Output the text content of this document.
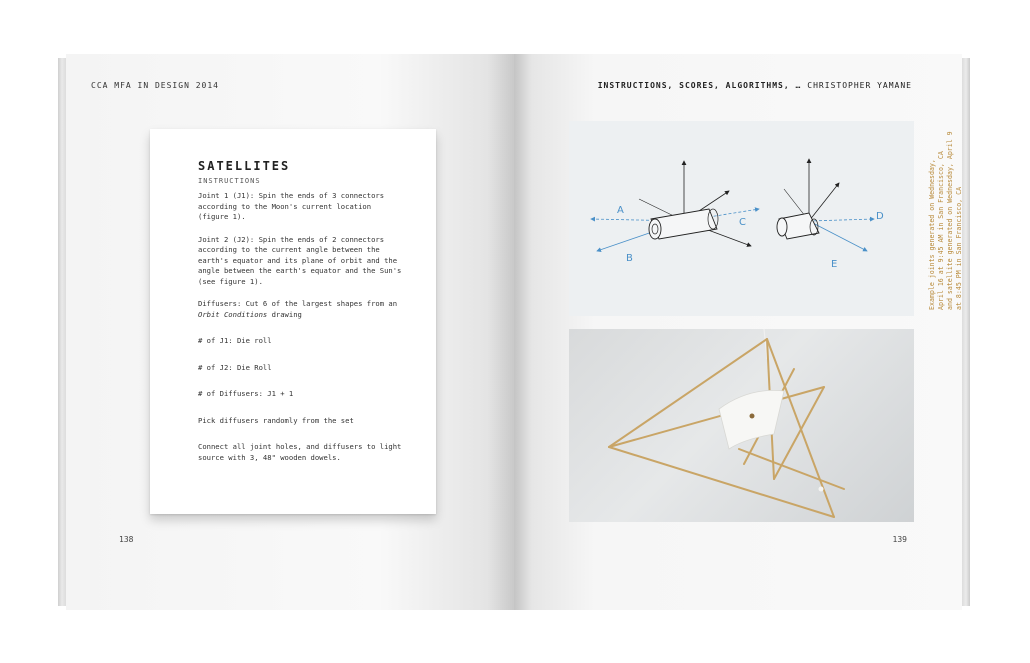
CCA MFA IN DESIGN 2014
SATELLITES
INSTRUCTIONS

Joint 1 (J1): Spin the ends of 3 connectors according to the Moon's current location (figure 1).

Joint 2 (J2): Spin the ends of 2 connectors according to the current angle between the earth's equator and its plane of orbit and the angle between the earth's equator and the Sun's (see figure 1).

Diffusers: Cut 6 of the largest shapes from an Orbit Conditions drawing

# of J1: Die roll

# of J2: Die Roll

# of Diffusers: J1 + 1

Pick diffusers randomly from the set

Connect all joint holes, and diffusers to light source with 3, 48" wooden dowels.

138
INSTRUCTIONS, SCORES, ALGORITHMS, … CHRISTOPHER YAMANE
A
B
C
D
E	Example joints generated on Wednesday, April 16 at 9:45 AM in San Francisco, CA and satellite generated on Wednesday, April 9 at 8:45 PM in San Francisco, CA
139
